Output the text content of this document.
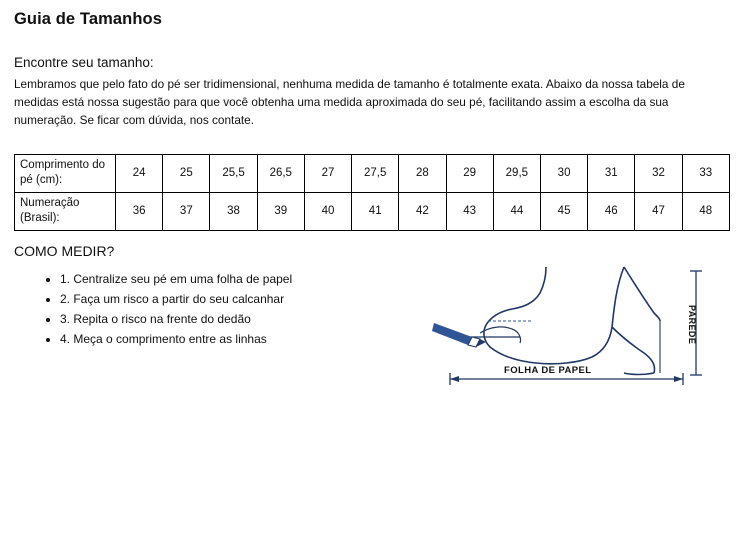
Guia de Tamanhos
Encontre seu tamanho:

Lembramos que pelo fato do pé ser tridimensional, nenhuma medida de tamanho é totalmente exata. Abaixo da nossa tabela de medidas está nossa sugestão para que você obtenha uma medida aproximada do seu pé, facilitando assim a escolha da sua numeração. Se ficar com dúvida, nos contate.

Comprimento do pé (cm):	24	25	25,5	26,5	27	27,5	28	29	29,5	30	31	32	33
Numeração (Brasil):	36	37	38	39	40	41	42	43	44	45	46	47	48
COMO MEDIR?
• 1. Centralize seu pé em uma folha de papel
• 2. Faça um risco a partir do seu calcanhar
• 3. Repita o risco na frente do dedão
• 4. Meça o comprimento entre as linhas
FOLHA DE PAPEL
PAREDE
